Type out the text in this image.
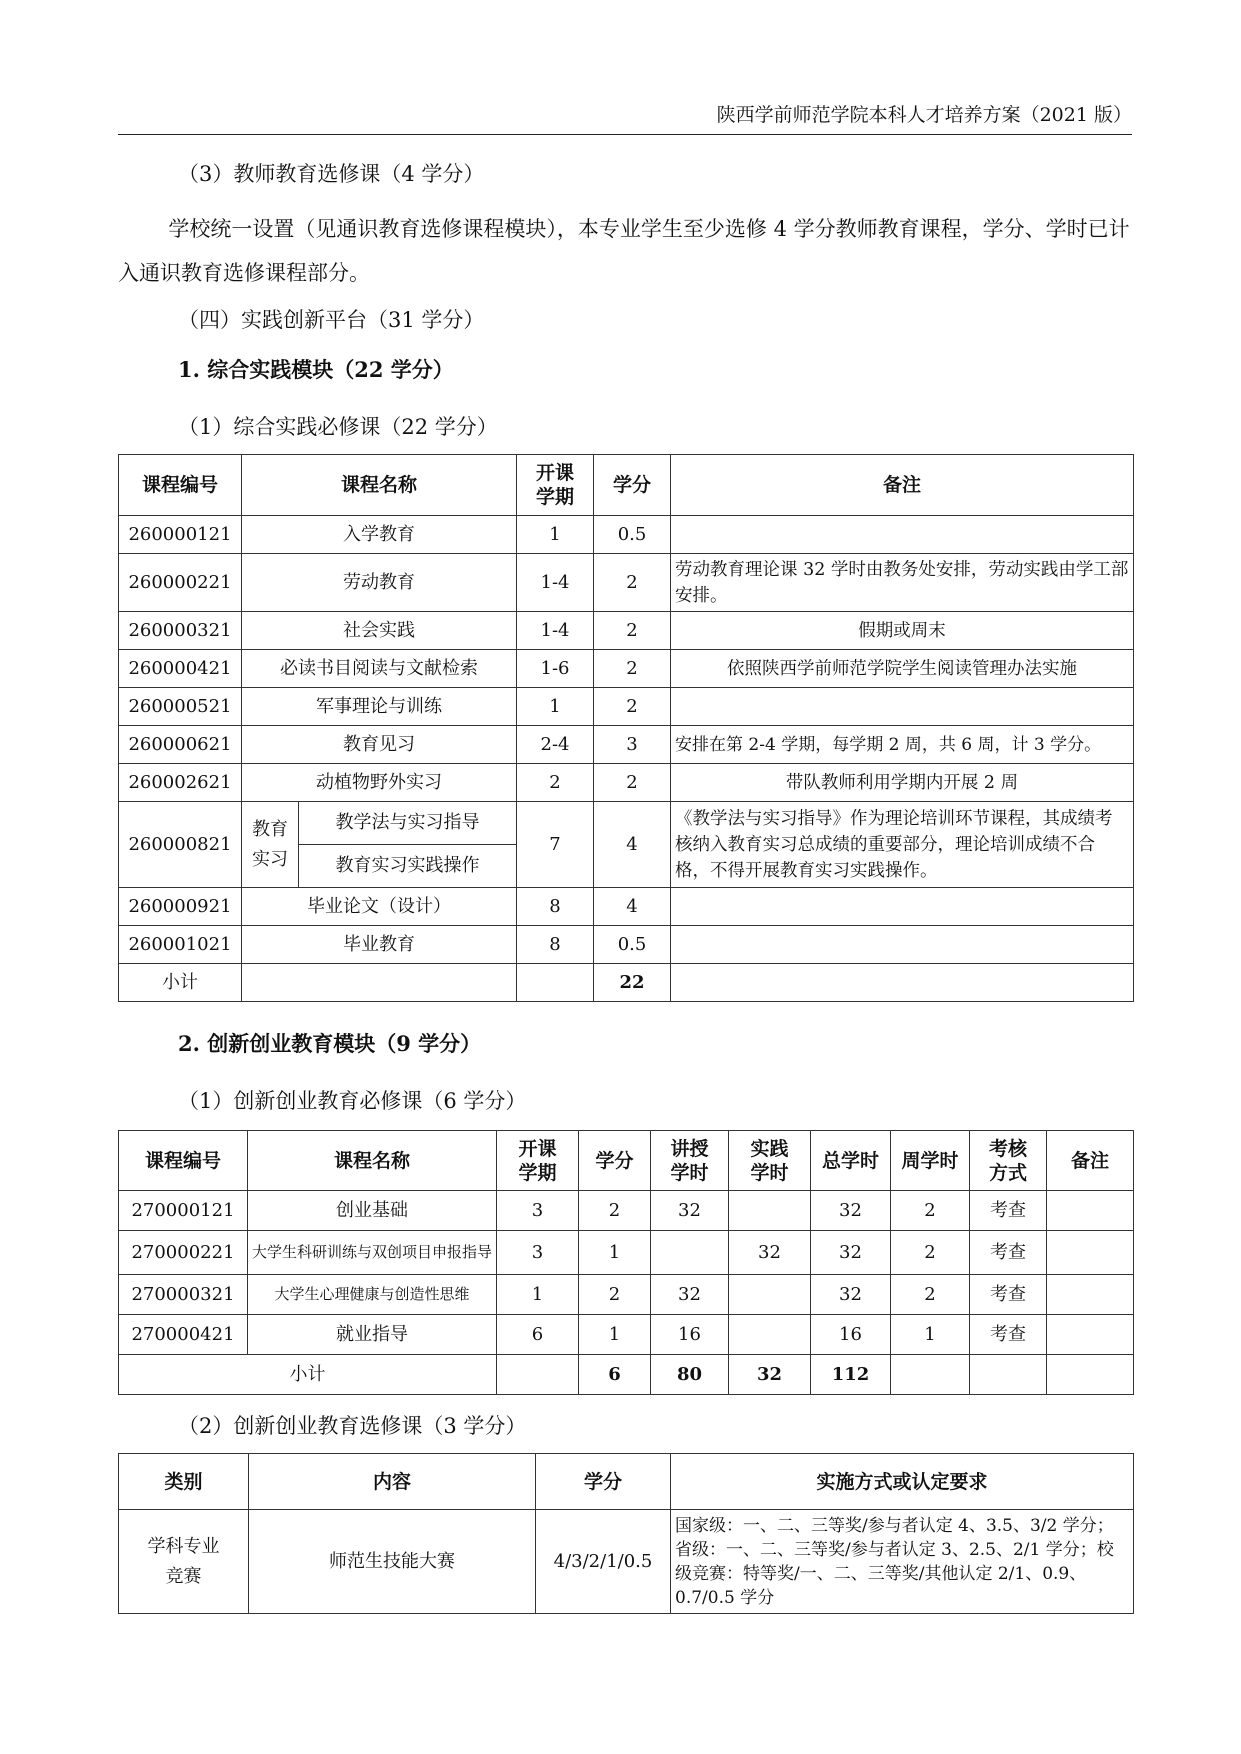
陕西学前师范学院本科人才培养方案（2021 版）
（3）教师教育选修课（4 学分）
学校统一设置（见通识教育选修课程模块），本专业学生至少选修 4 学分教师教育课程，学分、学时已计入通识教育选修课程部分。
（四）实践创新平台（31 学分）
1. 综合实践模块（22 学分）
（1）综合实践必修课（22 学分）
课程编号	课程名称		开课学期	学分	备注
260000121	入学教育		1	0.5	
260000221	劳动教育		1-4	2	劳动教育理论课 32 学时由教务处安排，劳动实践由学工部安排。
260000321	社会实践		1-4	2	假期或周末
260000421	必读书目阅读与文献检索		1-6	2	依照陕西学前师范学院学生阅读管理办法实施
260000521	军事理论与训练		1	2	
260000621	教育见习		2-4	3	安排在第 2-4 学期，每学期 2 周，共 6 周，计 3 学分。
260002621	动植物野外实习		2	2	带队教师利用学期内开展 2 周
260000821	教育实习	教学法与实习指导	7	4	《教学法与实习指导》作为理论培训环节课程，其成绩考核纳入教育实习总成绩的重要部分，理论培训成绩不合格，不得开展教育实习实践操作。
		教育实习实践操作			
260000921	毕业论文（设计）		8	4	
260001021	毕业教育		8	0.5	
小计				22	
2. 创新创业教育模块（9 学分）
（1）创新创业教育必修课（6 学分）
课程编号	课程名称	开课学期	学分	讲授学时	实践学时	总学时	周学时	考核方式	备注
270000121	创业基础	3	2	32		32	2	考查	
270000221	大学生科研训练与双创项目申报指导	3	1		32	32	2	考查	
270000321	大学生心理健康与创造性思维	1	2	32		32	2	考查	
270000421	就业指导	6	1	16		16	1	考查	
小计			6	80	32	112			
（2）创新创业教育选修课（3 学分）
类别	内容	学分	实施方式或认定要求
学科专业竞赛	师范生技能大赛	4/3/2/1/0.5	国家级：一、二、三等奖/参与者认定 4、3.5、3/2 学分；省级：一、二、三等奖/参与者认定 3、2.5、2/1 学分；校级竞赛：特等奖/一、二、三等奖/其他认定 2/1、0.9、0.7/0.5 学分
